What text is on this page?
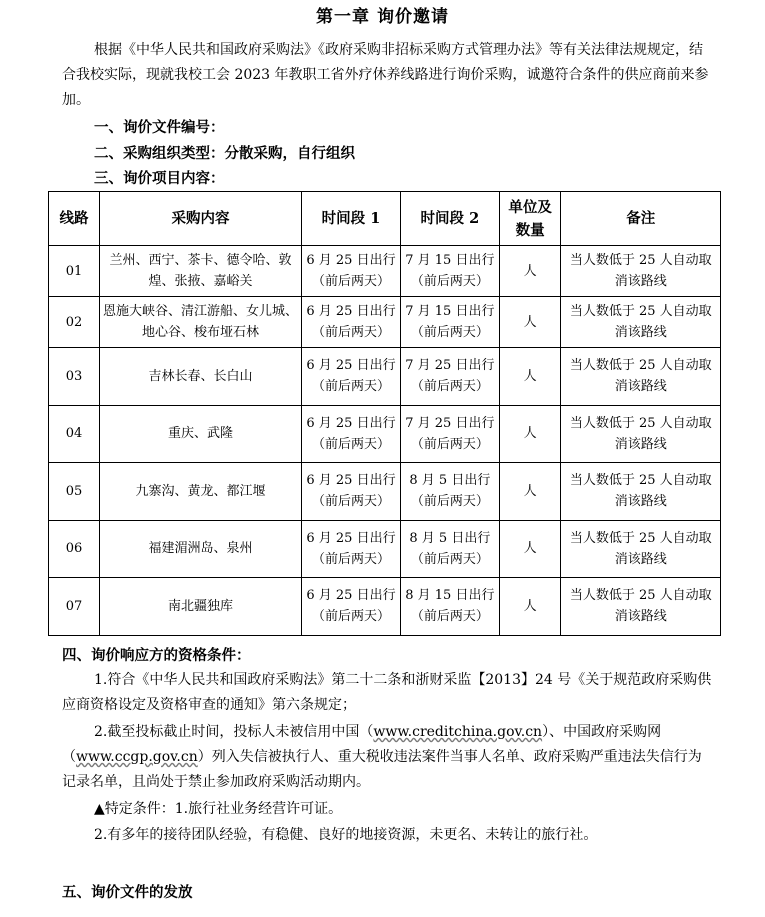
第一章 询价邀请
根据《中华人民共和国政府采购法》《政府采购非招标采购方式管理办法》等有关法律法规规定，结合我校实际，现就我校工会 2023 年教职工省外疗休养线路进行询价采购，诚邀符合条件的供应商前来参加。
一、询价文件编号：
二、采购组织类型：分散采购，自行组织
三、询价项目内容：
线路	采购内容	时间段 1	时间段 2	单位及数量	备注
01	兰州、西宁、茶卡、德令哈、敦煌、张掖、嘉峪关	6 月 25 日出行（前后两天）	7 月 15 日出行（前后两天）	人	当人数低于 25 人自动取消该路线
02	恩施大峡谷、清江游船、女儿城、地心谷、梭布垭石林	6 月 25 日出行（前后两天）	7 月 15 日出行（前后两天）	人	当人数低于 25 人自动取消该路线
03	吉林长春、长白山	6 月 25 日出行（前后两天）	7 月 25 日出行（前后两天）	人	当人数低于 25 人自动取消该路线
04	重庆、武隆	6 月 25 日出行（前后两天）	7 月 25 日出行（前后两天）	人	当人数低于 25 人自动取消该路线
05	九寨沟、黄龙、都江堰	6 月 25 日出行（前后两天）	8 月 5 日出行（前后两天）	人	当人数低于 25 人自动取消该路线
06	福建湄洲岛、泉州	6 月 25 日出行（前后两天）	8 月 5 日出行（前后两天）	人	当人数低于 25 人自动取消该路线
07	南北疆独库	6 月 25 日出行（前后两天）	8 月 15 日出行（前后两天）	人	当人数低于 25 人自动取消该路线
四、询价响应方的资格条件：
1.符合《中华人民共和国政府采购法》第二十二条和浙财采监【2013】24 号《关于规范政府采购供应商资格设定及资格审查的通知》第六条规定；
2.截至投标截止时间，投标人未被信用中国（www.creditchina.gov.cn）、中国政府采购网（www.ccgp.gov.cn）列入失信被执行人、重大税收违法案件当事人名单、政府采购严重违法失信行为记录名单，且尚处于禁止参加政府采购活动期内。
▲特定条件：1.旅行社业务经营许可证。
2.有多年的接待团队经验，有稳健、良好的地接资源，未更名、未转让的旅行社。
五、询价文件的发放
